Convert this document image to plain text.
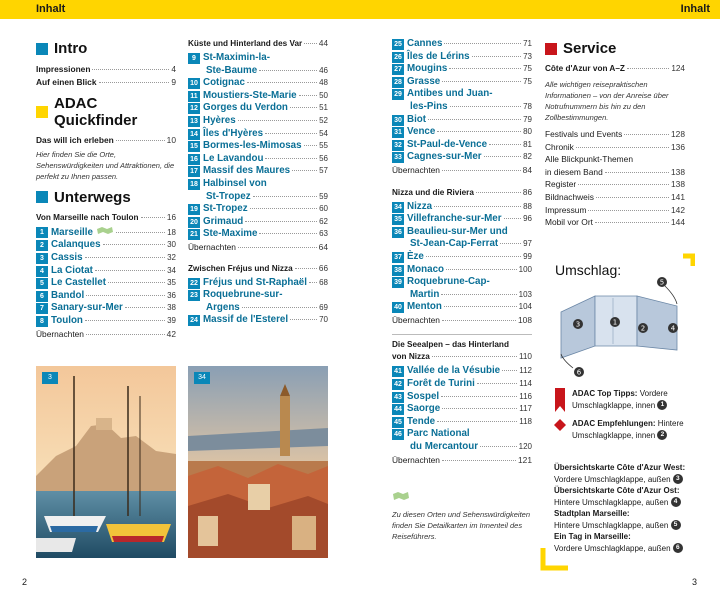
Inhalt	Inhalt
Intro
Impressionen	4
Auf einen Blick	9
ADAC Quickfinder
Das will ich erleben	10
Hier finden Sie die Orte, Sehenswürdigkeiten und Attraktionen, die perfekt zu Ihnen passen.
Unterwegs
Von Marseille nach Toulon	16
1 Marseille	18
2 Calanques	30
3 Cassis	32
4 La Ciotat	34
5 Le Castellet	35
6 Bandol	36
7 Sanary-sur-Mer	38
8 Toulon	39
Übernachten	42
Küste und Hinterland des Var 44
9 St-Maximin-la-
Ste-Baume	46
10 Cotignac	48
11 Moustiers-Ste-Marie	50
12 Gorges du Verdon	51
13 Hyères	52
14 Îles d'Hyères	54
15 Bormes-les-Mimosas 55
16 Le Lavandou	56
17 Massif des Maures	57
18 Halbinsel von
St-Tropez	59
19 St-Tropez	60
20 Grimaud	62
21 Ste-Maxime	63
Übernachten	64
Zwischen Fréjus und Nizza	66
22 Fréjus und St-Raphaël 68
23 Roquebrune-sur-
Argens	69
24 Massif de l'Esterel	70
3	34
25 Cannes	71
26 Îles de Lérins	73
27 Mougins	75
28 Grasse	75
29 Antibes und Juan-
les-Pins	78
30 Biot	79
31 Vence	80
32 St-Paul-de-Vence	81
33 Cagnes-sur-Mer	82
Übernachten	84
Nizza und die Riviera	86
34 Nizza	88
35 Villefranche-sur-Mer	96
36 Beaulieu-sur-Mer und
St-Jean-Cap-Ferrat	97
37 Èze	99
38 Monaco	100
39 Roquebrune-Cap-
Martin	103
40 Menton	104
Übernachten	108
Die Seealpen – das Hinterland
von Nizza	110
41 Vallée de la Vésubie 112
42 Forêt de Turini	114
43 Sospel	116
44 Saorge	117
45 Tende	118
46 Parc National
du Mercantour	120
Übernachten	121
Zu diesen Orten und Sehenswürdigkeiten finden Sie Detailkarten im Innenteil des Reiseführers.
Service
Côte d'Azur von A–Z	124
Alle wichtigen reisepraktischen Informationen – von der Anreise über Notrufnummern bis hin zu den Zollbestimmungen.
Festivals und Events	128
Chronik	136
Alle Blickpunkt-Themen
in diesem Band	138
Register	138
Bildnachweis	141
Impressum	142
Mobil vor Ort	144
Umschlag:
3	1
2	4
5
6
ADAC Top Tipps: Vordere Umschlagklappe, innen 1
ADAC Empfehlungen: Hintere Umschlagklappe, innen 2
Übersichtskarte Côte d'Azur West:
Vordere Umschlagklappe, außen 3
Übersichtskarte Côte d'Azur Ost:
Hintere Umschlagklappe, außen 4
Stadtplan Marseille:
Hintere Umschlagklappe, außen 5
Ein Tag in Marseille:
Vordere Umschlagklappe, außen 6
2	3
